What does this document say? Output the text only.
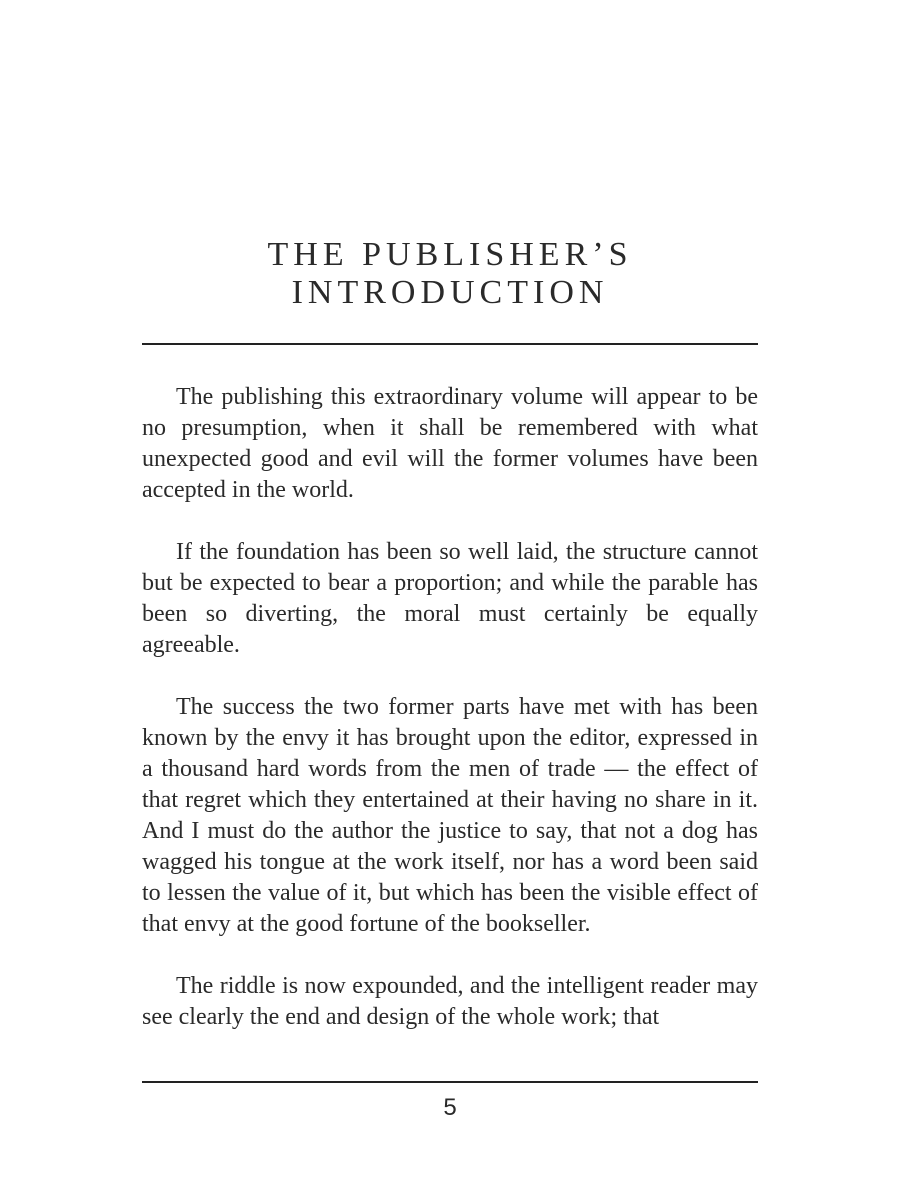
THE PUBLISHER’S
INTRODUCTION

The publishing this extraordinary volume will appear to be no presumption, when it shall be remembered with what unexpected good and evil will the former volumes have been accepted in the world.

If the foundation has been so well laid, the structure cannot but be expected to bear a proportion; and while the parable has been so diverting, the moral must certainly be equally agreeable.

The success the two former parts have met with has been known by the envy it has brought upon the editor, expressed in a thousand hard words from the men of trade — the effect of that regret which they entertained at their having no share in it. And I must do the author the justice to say, that not a dog has wagged his tongue at the work itself, nor has a word been said to lessen the value of it, but which has been the visible effect of that envy at the good fortune of the bookseller.

The riddle is now expounded, and the intelligent reader may see clearly the end and design of the whole work; that

5
